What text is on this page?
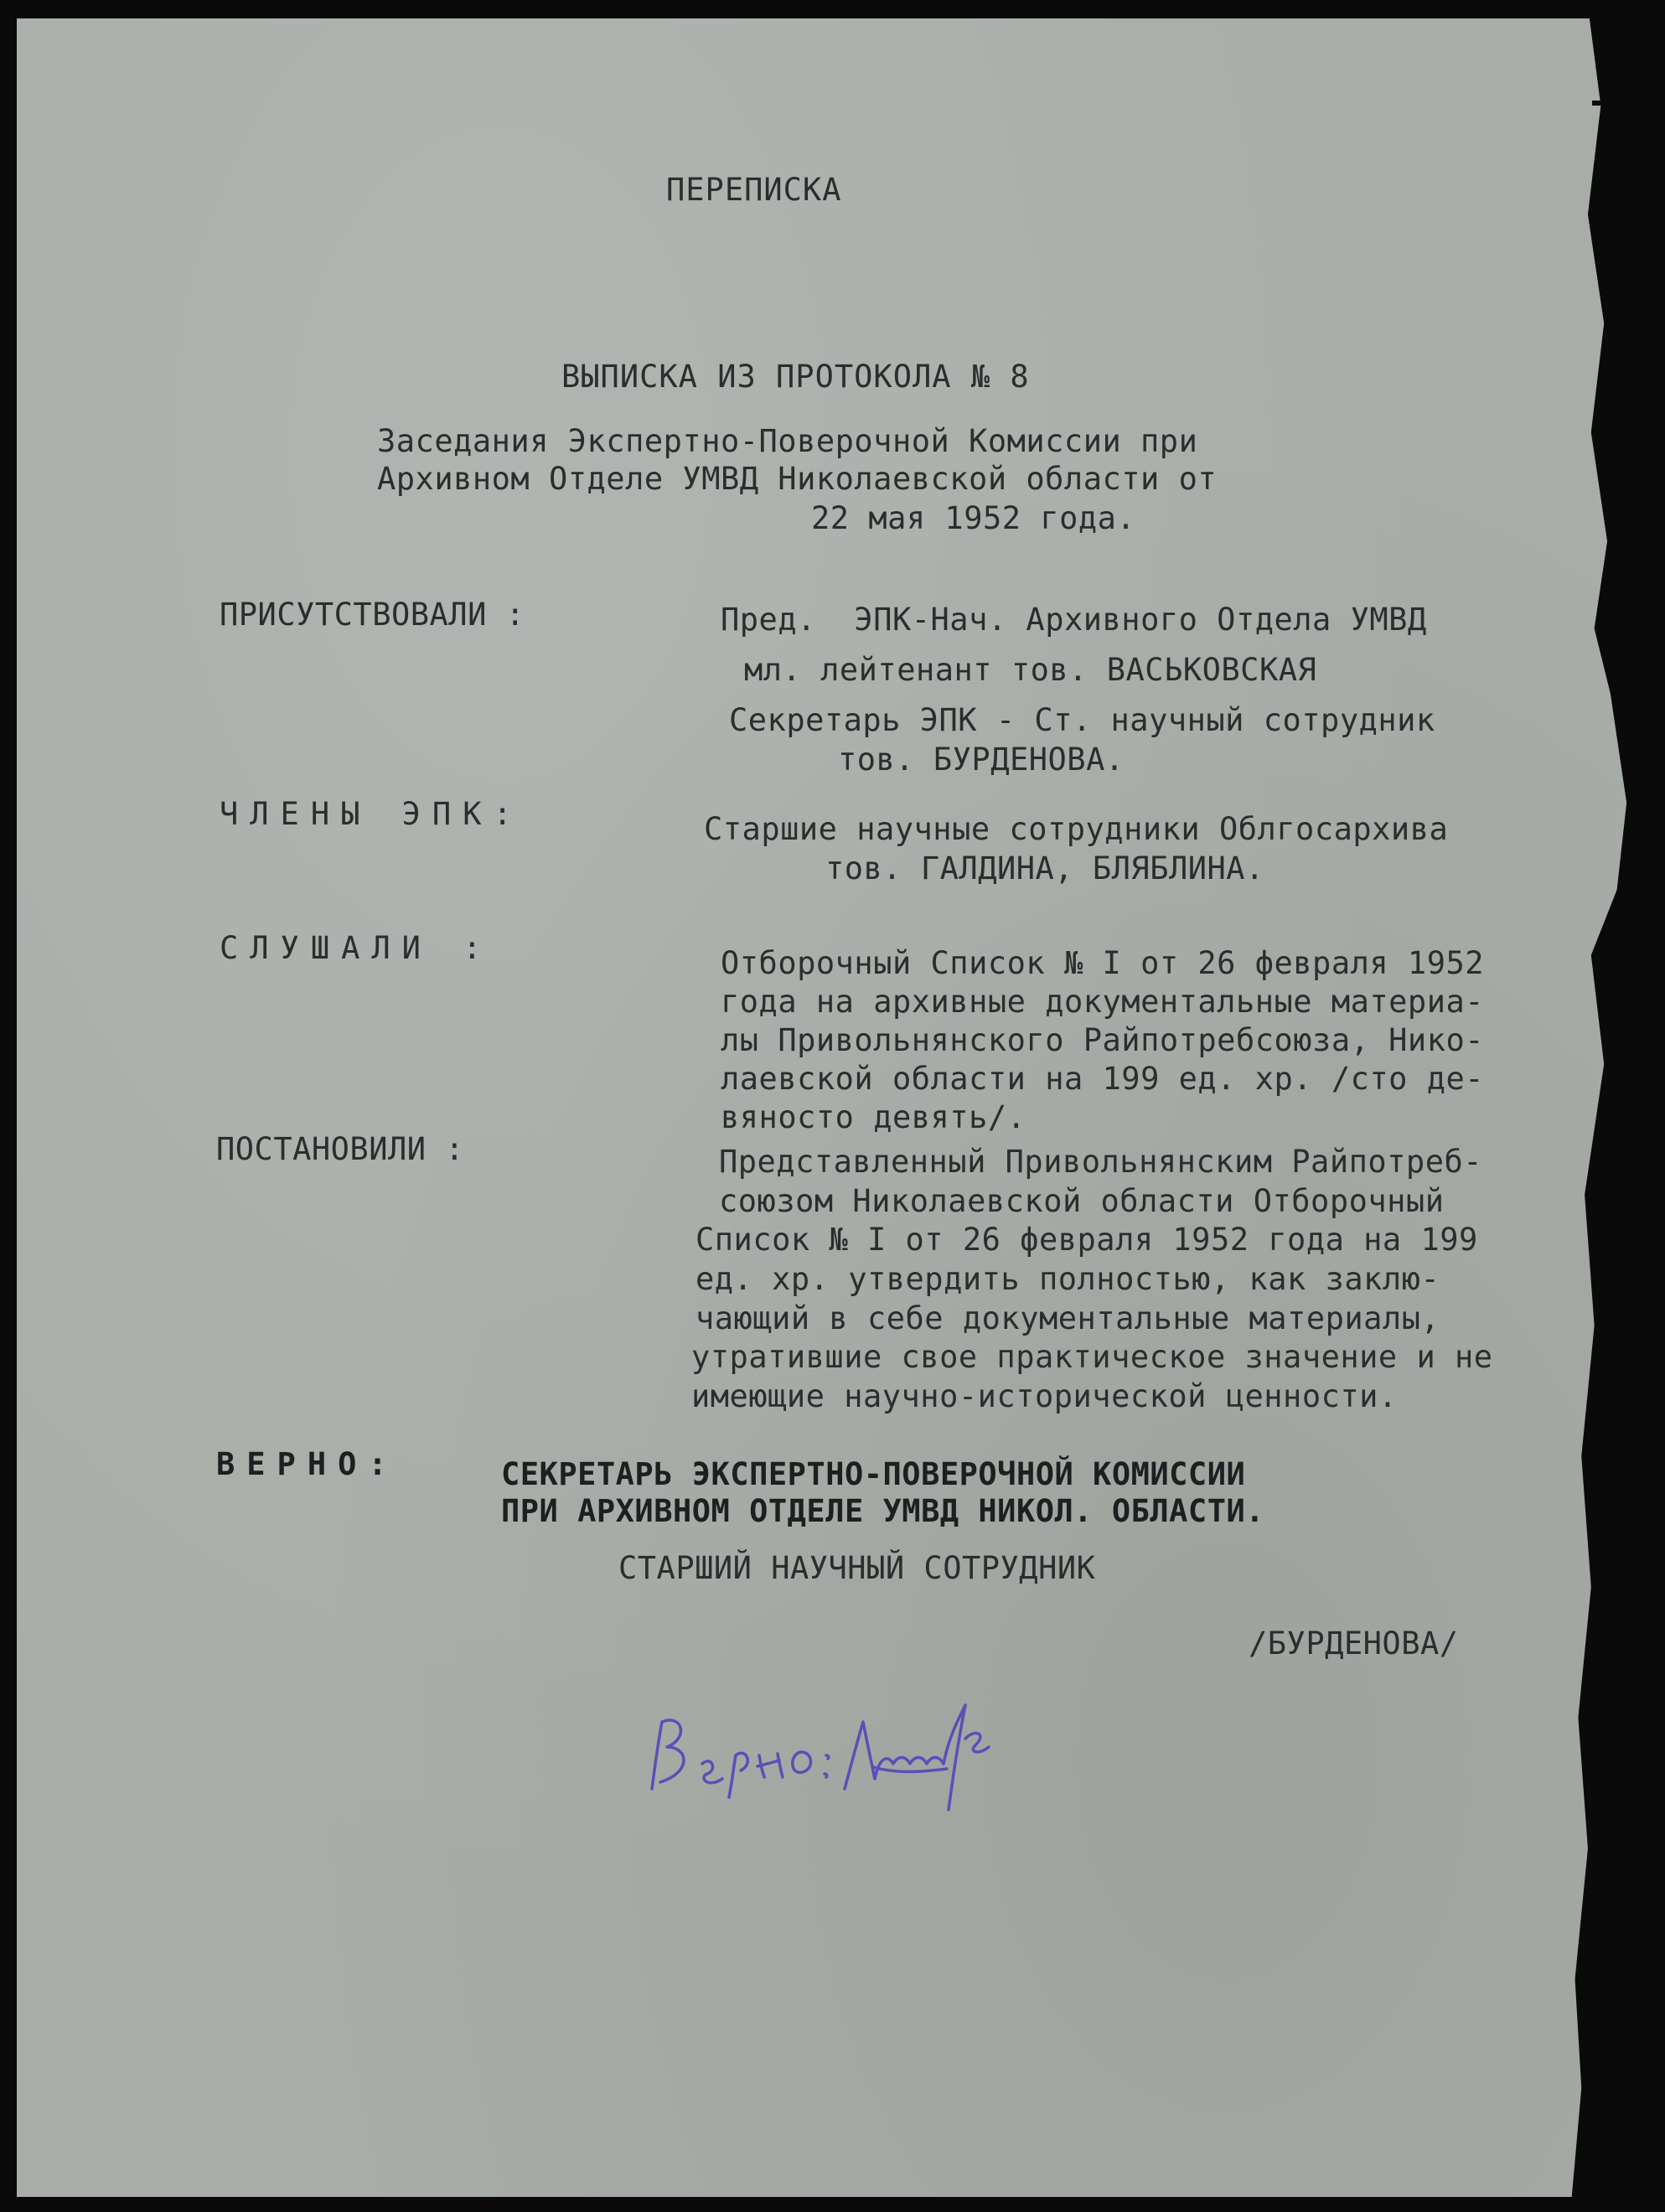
ПЕРЕПИСКА

ВЫПИСКА ИЗ ПРОТОКОЛА № 8

Заседания Экспертно-Поверочной Комиссии при

Архивном Отделе УМВД Николаевской области от

22 мая 1952 года.

ПРИСУТСТВОВАЛИ :	Пред.  ЭПК-Нач. Архивного Отдела УМВД

мл. лейтенант тов. ВАСЬКОВСКАЯ

Секретарь ЭПК - Ст. научный сотрудник

тов. БУРДЕНОВА.

ЧЛЕНЫ ЭПК:	Старшие научные сотрудники Облгосархива

тов. ГАЛДИНА, БЛЯБЛИНА.

СЛУШАЛИ :	Отборочный Список № I от 26 февраля 1952

года на архивные документальные материа-

лы Привольнянского Райпотребсоюза, Нико-

лаевской области на 199 ед. хр. /сто де-

вяносто девять/.

ПОСТАНОВИЛИ :	Представленный Привольнянским Райпотреб-

союзом Николаевской области Отборочный

Список № I от 26 февраля 1952 года на 199

ед. хр. утвердить полностью, как заклю-

чающий в себе документальные материалы,

утратившие свое практическое значение и не

имеющие научно-исторической ценности.

ВЕРНО:	СЕКРЕТАРЬ ЭКСПЕРТНО-ПОВЕРОЧНОЙ КОМИССИИ

ПРИ АРХИВНОМ ОТДЕЛЕ УМВД НИКОЛ. ОБЛАСТИ.

СТАРШИЙ НАУЧНЫЙ СОТРУДНИК

/БУРДЕНОВА/
